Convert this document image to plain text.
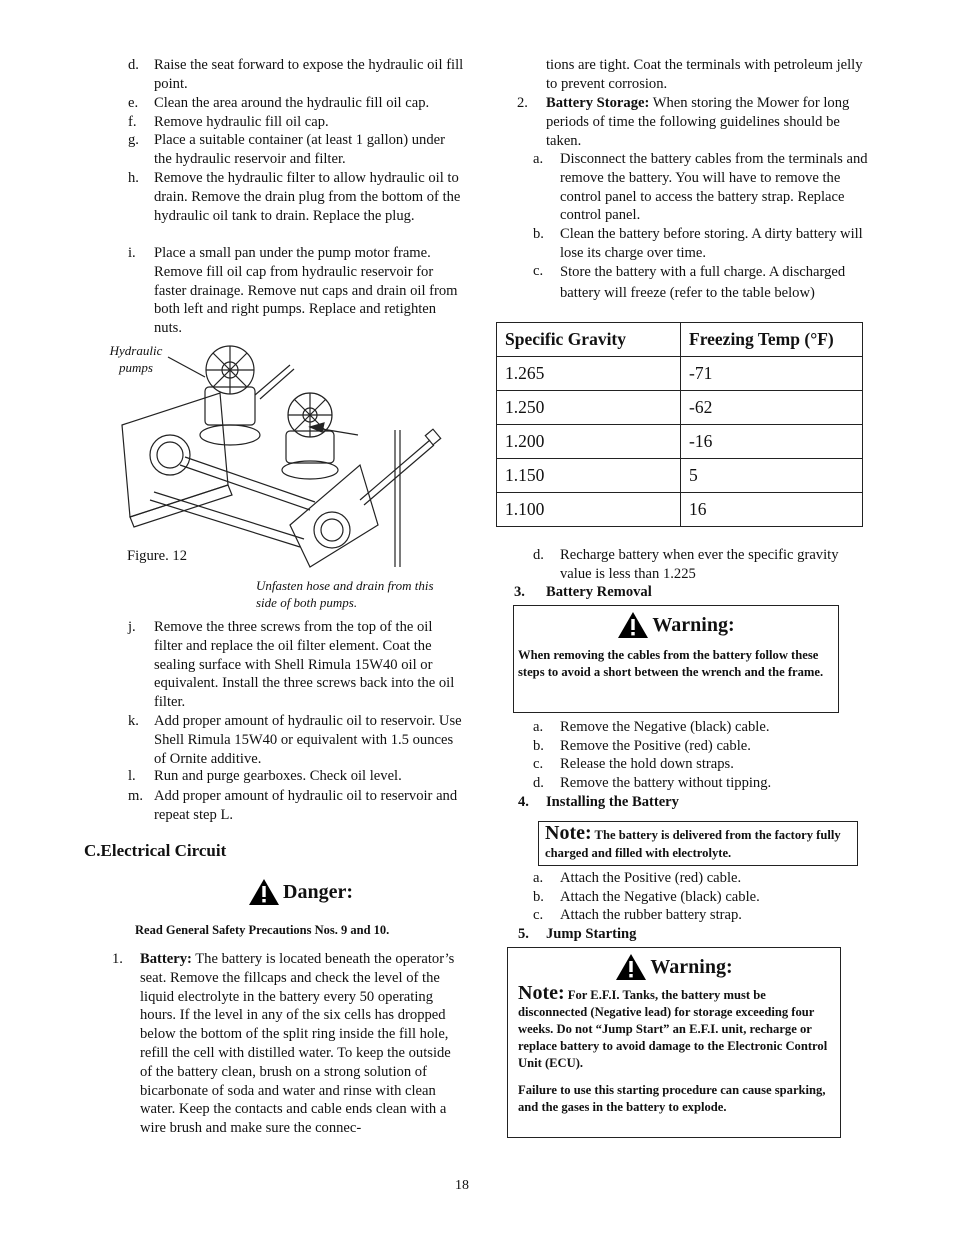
d. Raise the seat forward to expose the hydraulic oil fill point.
e. Clean the area around the hydraulic fill oil cap.
f. Remove hydraulic fill oil cap.
g. Place a suitable container (at least 1 gallon) under the hydraulic reservoir and filter.
h. Remove the hydraulic filter to allow hydraulic oil to drain. Remove the drain plug from the bottom of the hydraulic oil tank to drain. Replace the plug.
i. Place a small pan under the pump motor frame. Remove fill oil cap from hydraulic reservoir for faster drainage. Remove nut caps and drain oil from both left and right pumps. Replace and retighten nuts.
Hydraulic pumps
Figure. 12
Unfasten hose and drain from this side of both pumps.
j. Remove the three screws from the top of the oil filter and replace the oil filter element. Coat the sealing surface with Shell Rimula 15W40 oil or equivalent. Install the three screws back into the oil filter.
k. Add proper amount of hydraulic oil to reservoir. Use Shell Rimula 15W40 or equivalent with 1.5 ounces of Ornite additive.
l. Run and purge gearboxes. Check oil level.
m. Add proper amount of hydraulic oil to reservoir and repeat step L.
C.Electrical Circuit
Danger:
Read General Safety Precautions Nos. 9 and 10.
1. Battery: The battery is located beneath the operator’s seat. Remove the fillcaps and check the level of the liquid electrolyte in the battery every 50 operating hours. If the level in any of the six cells has dropped below the bottom of the split ring inside the fill hole, refill the cell with distilled water. To keep the outside of the battery clean, brush on a strong solution of bicarbonate of soda and water and rinse with clean water. Keep the contacts and cable ends clean with a wire brush and make sure the connec-
tions are tight. Coat the terminals with petroleum jelly to prevent corrosion.
2. Battery Storage: When storing the Mower for long periods of time the following guidelines should be taken.
a. Disconnect the battery cables from the terminals and remove the battery. You will have to remove the control panel to access the battery strap. Replace control panel.
b. Clean the battery before storing. A dirty battery will lose its charge over time.
c. Store the battery with a full charge. A discharged battery will freeze (refer to the table below)
Specific Gravity	Freezing Temp (°F)
1.265	-71
1.250	-62
1.200	-16
1.150	5
1.100	16
d. Recharge battery when ever the specific gravity value is less than 1.225
3. Battery Removal
Warning:
When removing the cables from the battery follow these steps to avoid a short between the wrench and the frame.
a. Remove the Negative (black) cable.
b. Remove the Positive (red) cable.
c. Release the hold down straps.
d. Remove the battery without tipping.
4. Installing the Battery
Note: The battery is delivered from the factory fully charged and filled with electrolyte.
a. Attach the Positive (red) cable.
b. Attach the Negative (black) cable.
c. Attach the rubber battery strap.
5. Jump Starting
Warning:
Note: For E.F.I. Tanks, the battery must be disconnected (Negative lead) for storage exceeding four weeks. Do not “Jump Start” an E.F.I. unit, recharge or replace battery to avoid damage to the Electronic Control Unit (ECU).
Failure to use this starting procedure can cause sparking, and the gases in the battery to explode.
18
